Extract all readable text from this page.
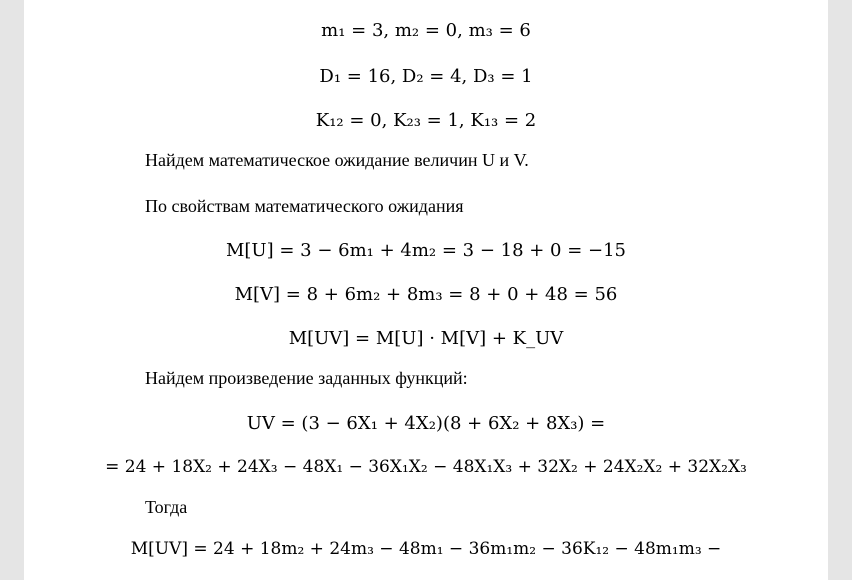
m₁ = 3, m₂ = 0, m₃ = 6
D₁ = 16, D₂ = 4, D₃ = 1
K₁₂ = 0, K₂₃ = 1, K₁₃ = 2
Найдем математическое ожидание величин U и V.
По свойствам математического ожидания
M[U] = 3 − 6m₁ + 4m₂ = 3 − 18 + 0 = −15
M[V] = 8 + 6m₂ + 8m₃ = 8 + 0 + 48 = 56
M[UV] = M[U] · M[V] + K_UV
Найдем произведение заданных функций:
UV = (3 − 6X₁ + 4X₂)(8 + 6X₂ + 8X₃) =
= 24 + 18X₂ + 24X₃ − 48X₁ − 36X₁X₂ − 48X₁X₃ + 32X₂ + 24X₂X₂ + 32X₂X₃
Тогда
M[UV] = 24 + 18m₂ + 24m₃ − 48m₁ − 36m₁m₂ − 36K₁₂ − 48m₁m₃ −
